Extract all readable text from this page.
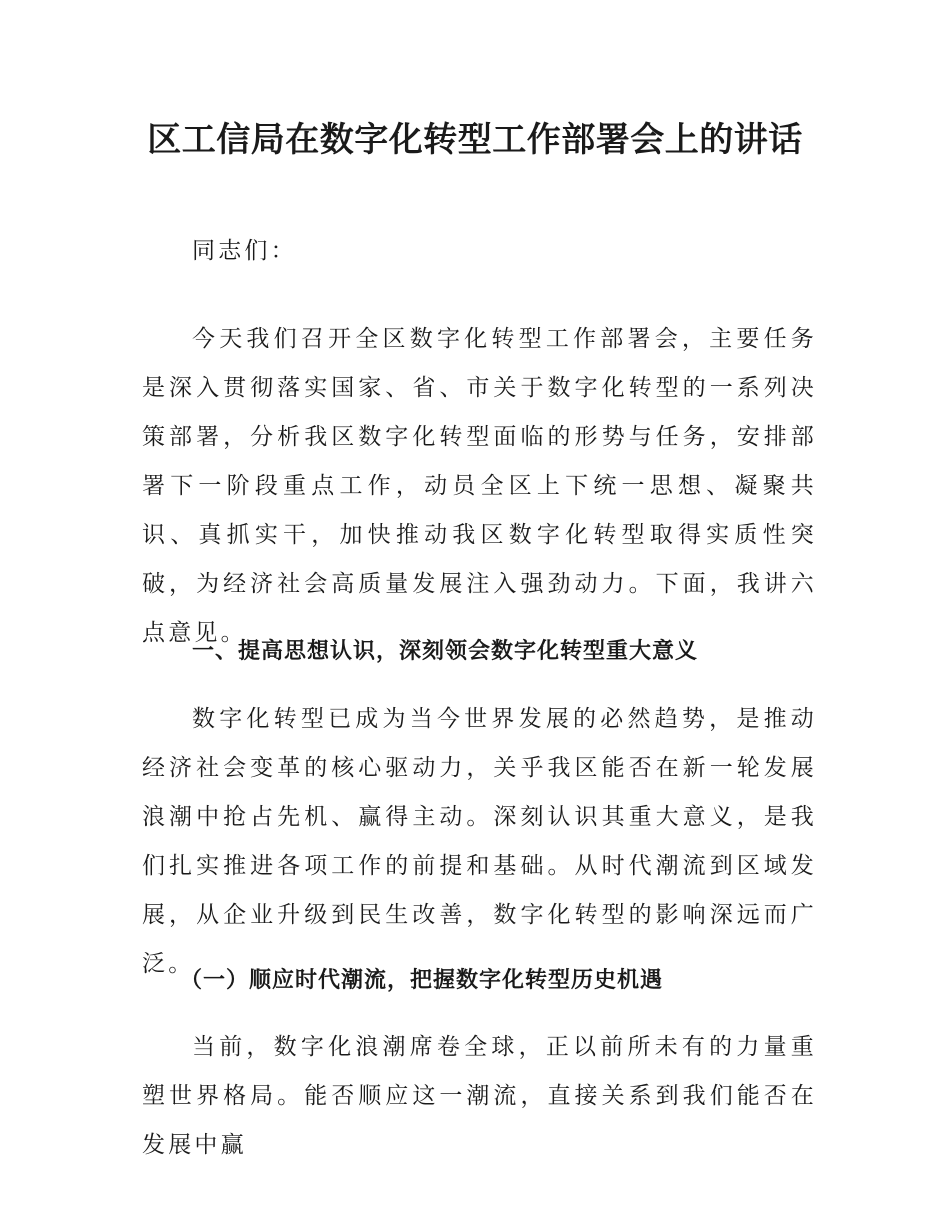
区工信局在数字化转型工作部署会上的讲话

同志们：

今天我们召开全区数字化转型工作部署会，主要任务是深入贯彻落实国家、省、市关于数字化转型的一系列决策部署，分析我区数字化转型面临的形势与任务，安排部署下一阶段重点工作，动员全区上下统一思想、凝聚共识、真抓实干，加快推动我区数字化转型取得实质性突破，为经济社会高质量发展注入强劲动力。下面，我讲六点意见。

一、提高思想认识，深刻领会数字化转型重大意义

数字化转型已成为当今世界发展的必然趋势，是推动经济社会变革的核心驱动力，关乎我区能否在新一轮发展浪潮中抢占先机、赢得主动。深刻认识其重大意义，是我们扎实推进各项工作的前提和基础。从时代潮流到区域发展，从企业升级到民生改善，数字化转型的影响深远而广泛。

（一）顺应时代潮流，把握数字化转型历史机遇

当前，数字化浪潮席卷全球，正以前所未有的力量重塑世界格局。能否顺应这一潮流，直接关系到我们能否在发展中赢
